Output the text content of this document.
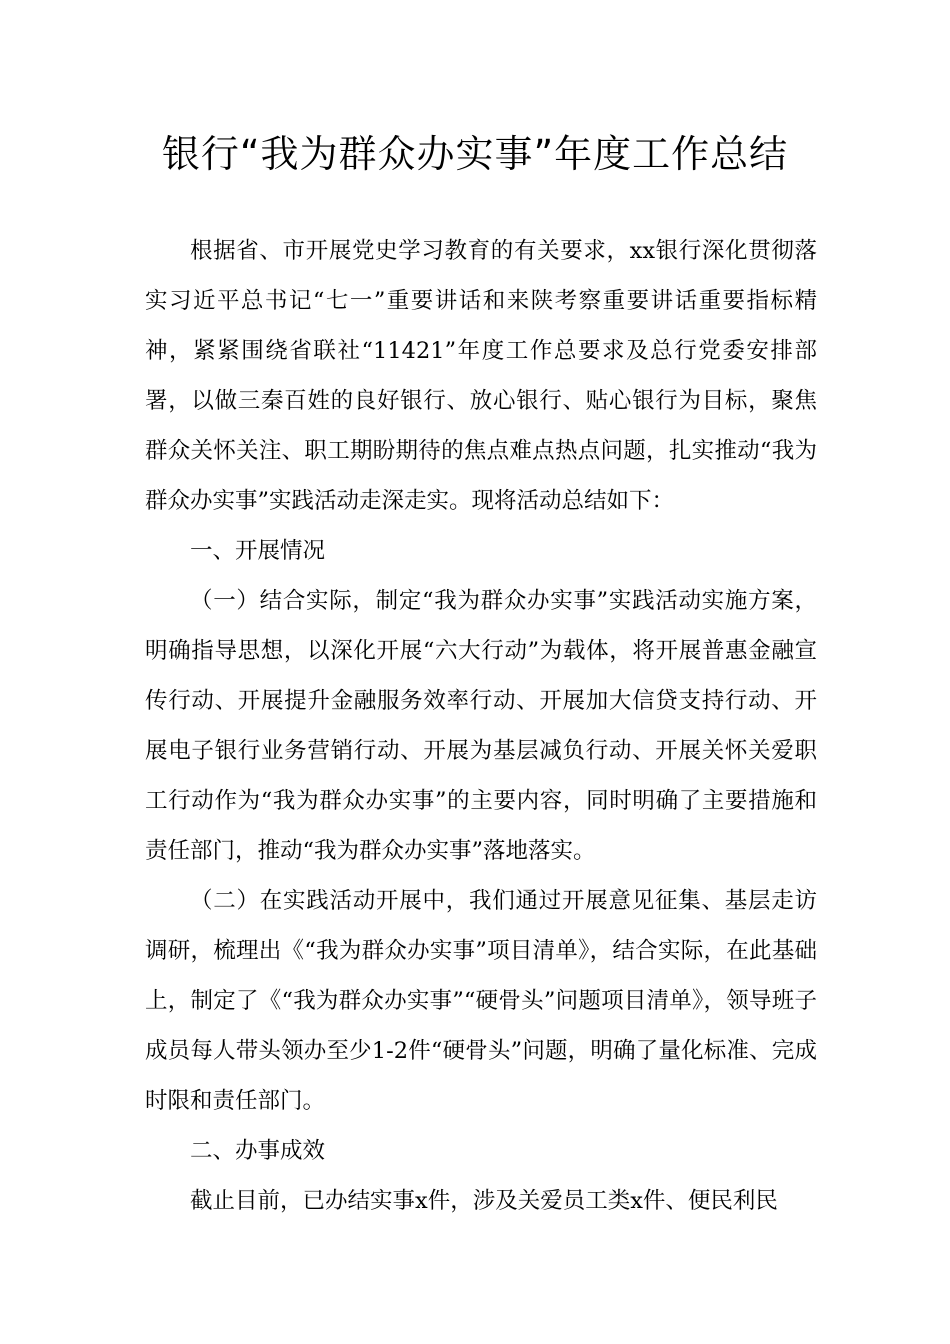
银行“我为群众办实事”年度工作总结

根据省、市开展党史学习教育的有关要求，xx银行深化贯彻落实习近平总书记“七一”重要讲话和来陕考察重要讲话重要指标精神，紧紧围绕省联社“11421”年度工作总要求及总行党委安排部署，以做三秦百姓的良好银行、放心银行、贴心银行为目标，聚焦群众关怀关注、职工期盼期待的焦点难点热点问题，扎实推动“我为群众办实事”实践活动走深走实。现将活动总结如下：

一、开展情况

（一）结合实际，制定“我为群众办实事”实践活动实施方案，明确指导思想，以深化开展“六大行动”为载体，将开展普惠金融宣传行动、开展提升金融服务效率行动、开展加大信贷支持行动、开展电子银行业务营销行动、开展为基层减负行动、开展关怀关爱职工行动作为“我为群众办实事”的主要内容，同时明确了主要措施和责任部门，推动“我为群众办实事”落地落实。

（二）在实践活动开展中，我们通过开展意见征集、基层走访调研，梳理出《“我为群众办实事”项目清单》，结合实际，在此基础上，制定了《“我为群众办实事”“硬骨头”问题项目清单》，领导班子成员每人带头领办至少1-2件“硬骨头”问题，明确了量化标准、完成时限和责任部门。

二、办事成效

截止目前，已办结实事x件，涉及关爱员工类x件、便民利民
